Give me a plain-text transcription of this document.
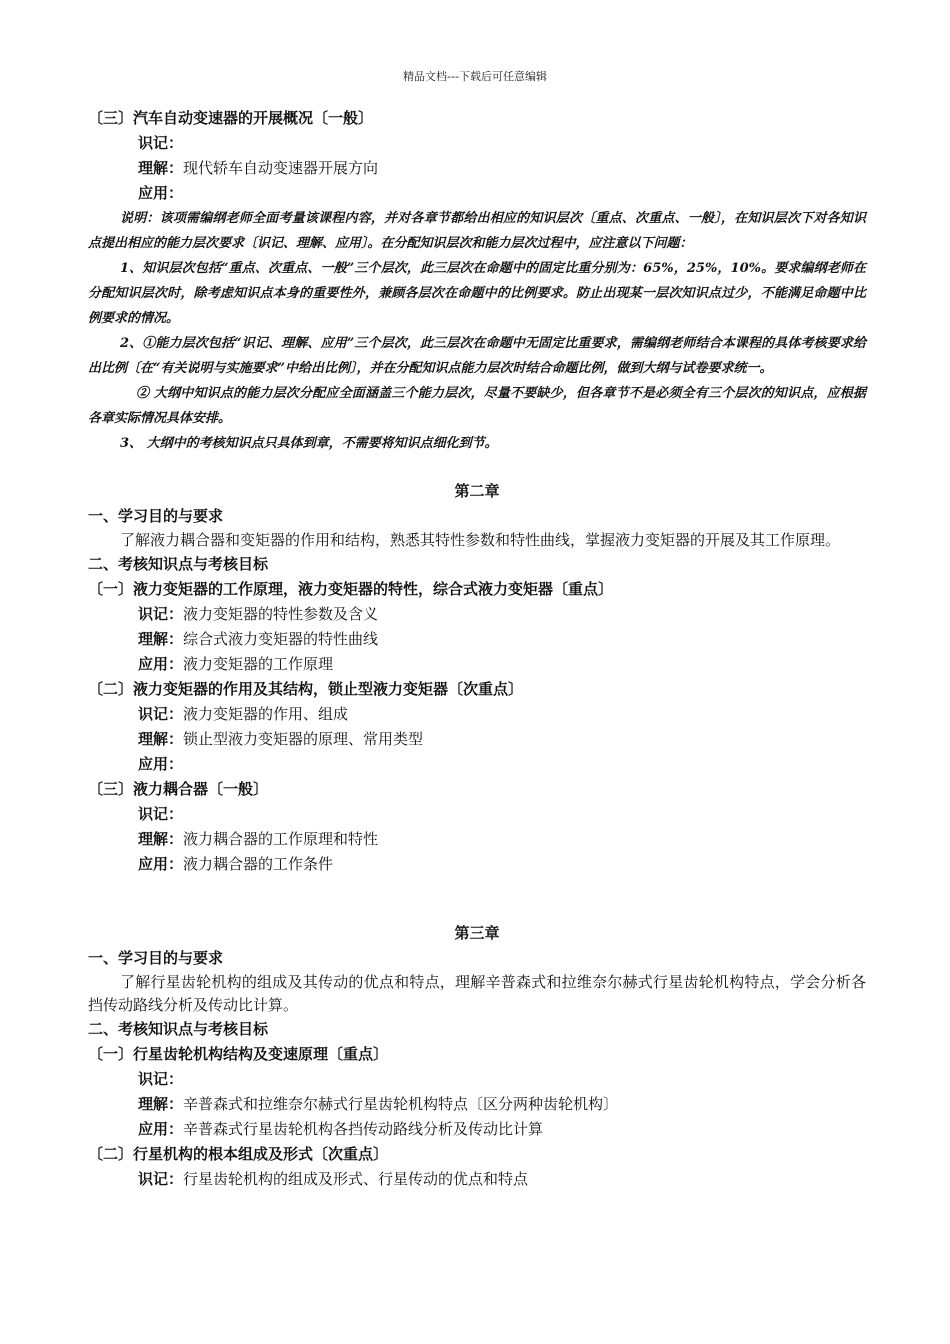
精品文档---下载后可任意编辑
〔三〕汽车自动变速器的开展概况〔一般〕
识记：
理解：现代轿车自动变速器开展方向
应用：

说明：该项需编纲老师全面考量该课程内容，并对各章节都给出相应的知识层次〔重点、次重点、一般〕，在知识层次下对各知识点提出相应的能力层次要求〔识记、理解、应用〕。在分配知识层次和能力层次过程中，应注意以下问题：

1、知识层次包括“重点、次重点、一般”三个层次，此三层次在命题中的固定比重分别为：65%，25%，10%。要求编纲老师在分配知识层次时，除考虑知识点本身的重要性外，兼顾各层次在命题中的比例要求。防止出现某一层次知识点过少，不能满足命题中比例要求的情况。

2、①能力层次包括“识记、理解、应用”三个层次，此三层次在命题中无固定比重要求，需编纲老师结合本课程的具体考核要求给出比例〔在“有关说明与实施要求”中给出比例〕，并在分配知识点能力层次时结合命题比例，做到大纲与试卷要求统一。

② 大纲中知识点的能力层次分配应全面涵盖三个能力层次，尽量不要缺少，但各章节不是必须全有三个层次的知识点，应根据各章实际情况具体安排。

3、 大纲中的考核知识点只具体到章，不需要将知识点细化到节。

第二章
一、学习目的与要求
了解液力耦合器和变矩器的作用和结构，熟悉其特性参数和特性曲线，掌握液力变矩器的开展及其工作原理。
二、考核知识点与考核目标
〔一〕液力变矩器的工作原理，液力变矩器的特性，综合式液力变矩器〔重点〕
识记：液力变矩器的特性参数及含义
理解：综合式液力变矩器的特性曲线
应用：液力变矩器的工作原理
〔二〕液力变矩器的作用及其结构，锁止型液力变矩器〔次重点〕
识记：液力变矩器的作用、组成
理解：锁止型液力变矩器的原理、常用类型
应用：
〔三〕液力耦合器〔一般〕
识记：
理解：液力耦合器的工作原理和特性
应用：液力耦合器的工作条件
第三章
一、学习目的与要求
了解行星齿轮机构的组成及其传动的优点和特点，理解辛普森式和拉维奈尔赫式行星齿轮机构特点，学会分析各挡传动路线分析及传动比计算。
二、考核知识点与考核目标
〔一〕行星齿轮机构结构及变速原理〔重点〕
识记：
理解：辛普森式和拉维奈尔赫式行星齿轮机构特点〔区分两种齿轮机构〕
应用：辛普森式行星齿轮机构各挡传动路线分析及传动比计算
〔二〕行星机构的根本组成及形式〔次重点〕
识记：行星齿轮机构的组成及形式、行星传动的优点和特点
